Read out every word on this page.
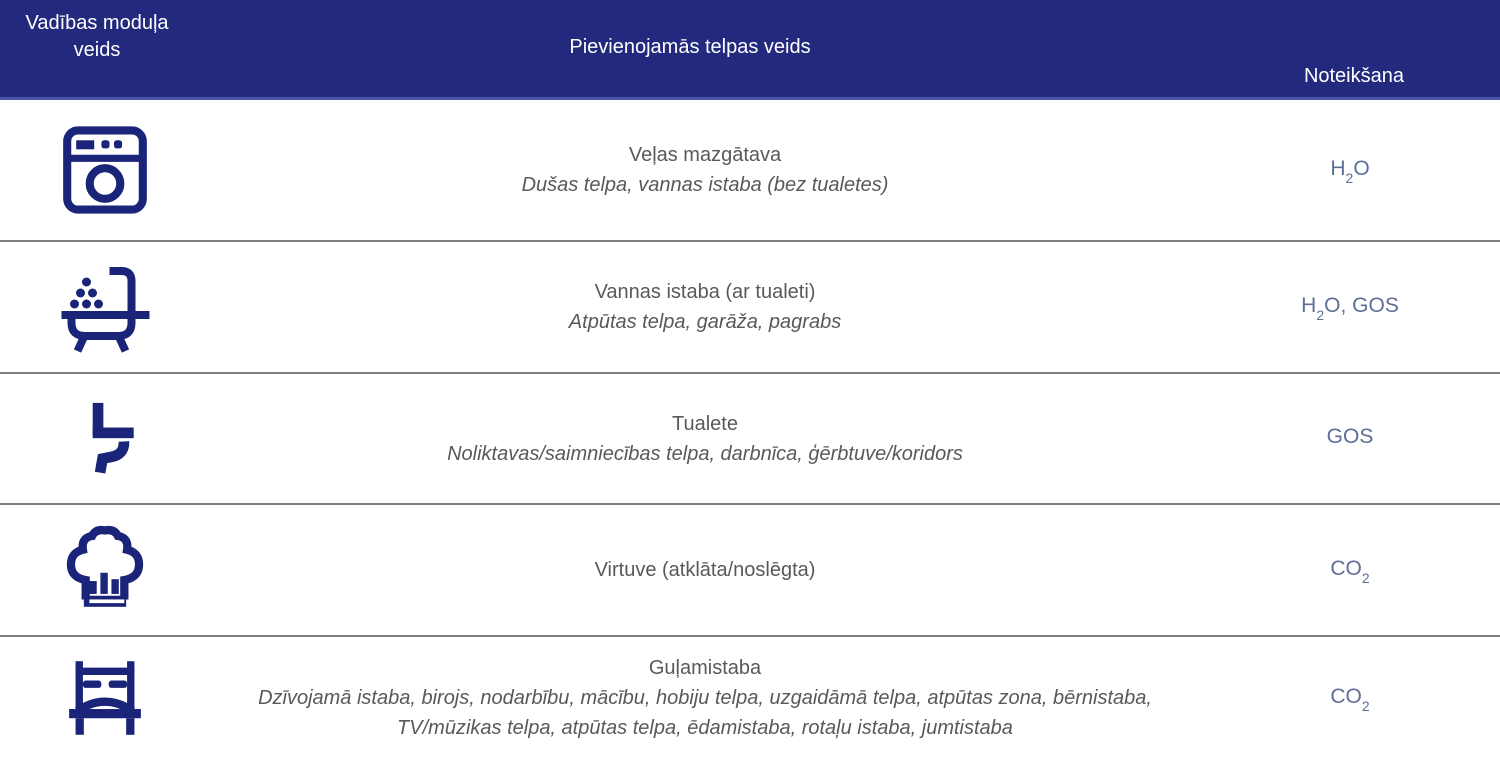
Vadības moduļa veids	Pievienojamās telpas veids
Noteikšana
Veļas mazgātava
Dušas telpa, vannas istaba (bez tualetes)
$H_2O$
Vannas istaba (ar tualeti)
Atpūtas telpa, garāža, pagrabs
$H_2O$, GOS
Tualete
Noliktavas/saimniecības telpa, darbnīca, ģērbtuve/koridors
GOS
Virtuve (atklāta/noslēgta)	$CO_2$
Guļamistaba
Dzīvojamā istaba, birojs, nodarbību, mācību, hobiju telpa, uzgaidāmā telpa, atpūtas zona, bērnistaba,
TV/mūzikas telpa, atpūtas telpa, ēdamistaba, rotaļu istaba, jumtistaba
$CO_2$
